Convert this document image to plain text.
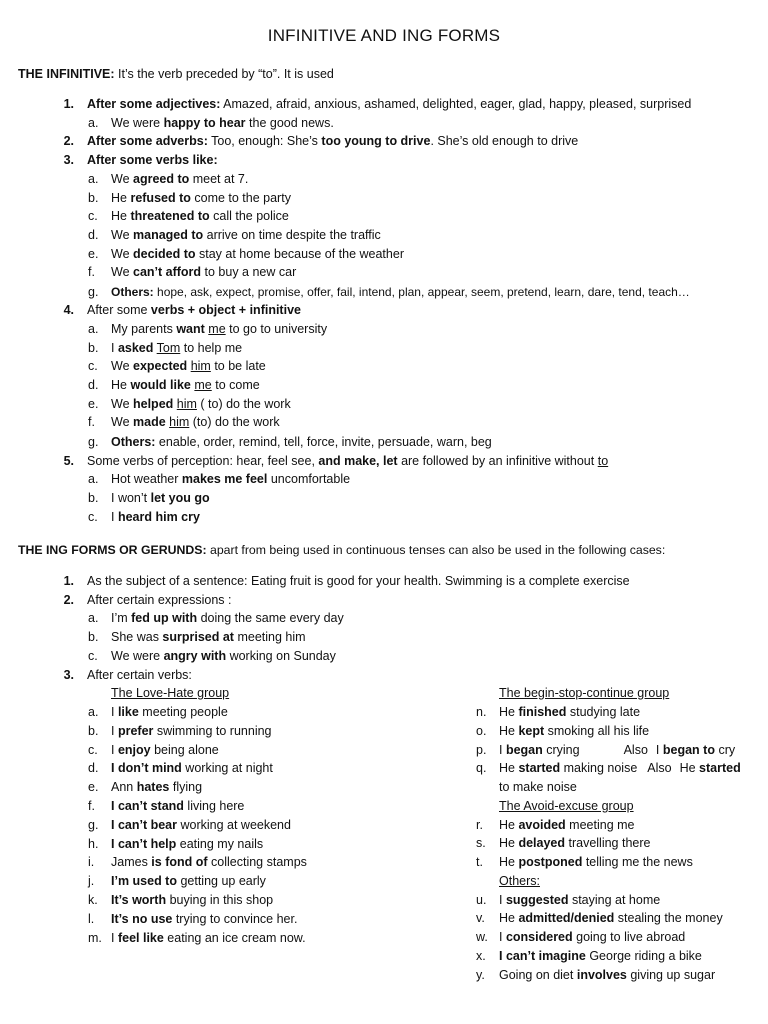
INFINITIVE AND ING FORMS
THE INFINITIVE: It’s the verb preceded by “to”. It is used
1. After some adjectives: Amazed, afraid, anxious, ashamed, delighted, eager, glad, happy, pleased, surprised
a. We were happy to hear the good news.
2. After some adverbs: Too, enough: She’s too young to drive. She’s old enough to drive
3. After some verbs like:
a. We agreed to meet at 7.
b. He refused to come to the party
c.	He threatened to call the police
d. We managed to arrive on time despite the traffic
e. We decided to stay at home because of the weather
f.	We can’t afford to buy a new car
g. Others: hope, ask, expect, promise, offer, fail, intend, plan, appear, seem, pretend, learn, dare, tend, teach…
4. After some verbs + object + infinitive
a. My parents want me to go to university
b. I asked Tom to help me
c.	We expected him to be late
d. He would like me to come
e. We helped him ( to) do the work
f.	We made him (to) do the work
g. Others: enable, order, remind, tell, force, invite, persuade, warn, beg
5. Some verbs of perception: hear, feel see, and make, let are followed by an infinitive without to
a. Hot weather makes me feel uncomfortable
b. I won’t let you go
c.	I heard him cry
THE ING FORMS OR GERUNDS: apart from being used in continuous tenses can also be used in the following cases:
1. As the subject of a sentence: Eating fruit is good for your health. Swimming is a complete exercise
2. After certain expressions :
a. I’m fed up with doing the same every day
b. She was surprised at meeting him
c.	We were angry with working on Sunday
3. After certain verbs:
The Love-Hate group
a. I like meeting people
b. I prefer swimming to running
c.	I enjoy being alone
d. I don’t mind working at night
e. Ann hates flying
f.	I can’t stand living here
g. I can’t bear working at weekend
h. I can’t help eating my nails
i.	James is fond of collecting stamps
j.	I’m used to getting up early
k.	It’s worth buying in this shop
l.	It’s no use trying to convince her.
m. I feel like eating an ice cream now.
The begin-stop-continue group
n. He finished studying late
o. He kept smoking all his life
p. I began crying	Also I began to cry
q. He started making noise Also He started
to make noise
The Avoid-excuse group
r.	He avoided meeting me
s.	He delayed travelling there
t.	He postponed telling me the news
Others:
u. I suggested staying at home
v.	He admitted/denied stealing the money
w. I considered going to live abroad
x.	I can’t imagine George riding a bike
y.	Going on diet involves giving up sugar
